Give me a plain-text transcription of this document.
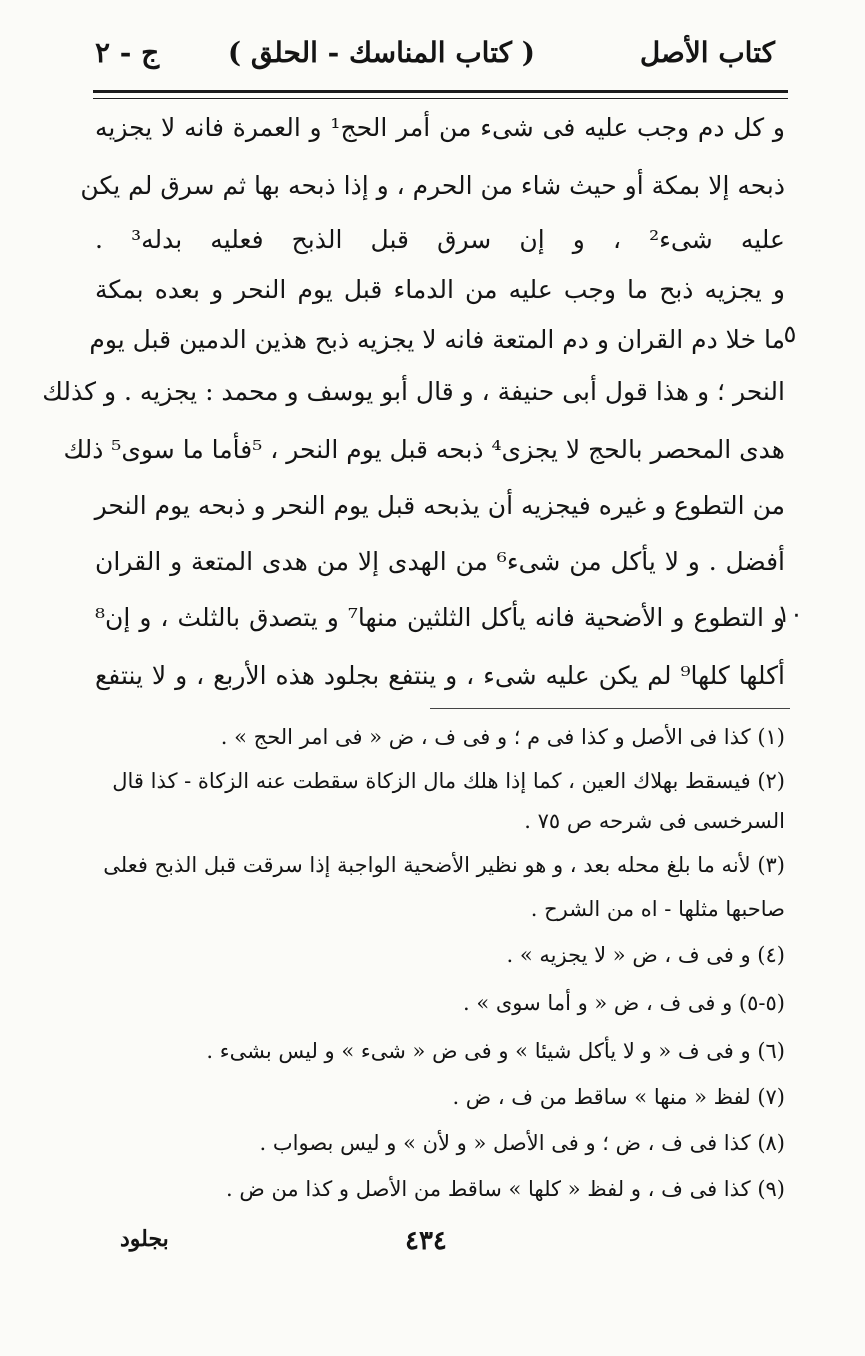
كتاب الأصل
( كتاب المناسك - الحلق )
ج - ٢
و كل دم وجب عليه فى شىء من أمر الحج¹ و العمرة فانه لا يجزيه
ذبحه إلا بمكة أو حيث شاء من الحرم ، و إذا ذبحه بها ثم سرق لم يكن
عليه شىء² ، و إن سرق قبل الذبح فعليه بدله³ .
و يجزيه ذبح ما وجب عليه من الدماء قبل يوم النحر و بعده بمكة
ما خلا دم القران و دم المتعة فانه لا يجزيه ذبح هذين الدمين قبل يوم
النحر ؛ و هذا قول أبى حنيفة ، و قال أبو يوسف و محمد : يجزيه . و كذلك
هدى المحصر بالحج لا يجزى⁴ ذبحه قبل يوم النحر ، ⁵فأما ما سوى⁵ ذلك
من التطوع و غيره فيجزيه أن يذبحه قبل يوم النحر و ذبحه يوم النحر
أفضل . و لا يأكل من شىء⁶ من الهدى إلا من هدى المتعة و القران
و التطوع و الأضحية فانه يأكل الثلثين منها⁷ و يتصدق بالثلث ، و إن⁸
أكلها كلها⁹ لم يكن عليه شىء ، و ينتفع بجلود هذه الأربع ، و لا ينتفع
٥
١٠
(١) كذا فى الأصل و كذا فى م ؛ و فى ف ، ض « فى امر الحج » .
(٢) فيسقط بهلاك العين ، كما إذا هلك مال الزكاة سقطت عنه الزكاة - كذا قال
السرخسى فى شرحه ص ٧٥ .
(٣) لأنه ما بلغ محله بعد ، و هو نظير الأضحية الواجبة إذا سرقت قبل الذبح فعلى
صاحبها مثلها - اه من الشرح .
(٤) و فى ف ، ض « لا يجزيه » .
(٥-٥) و فى ف ، ض « و أما سوى » .
(٦) و فى ف « و لا يأكل شيئا » و فى ض « شىء » و ليس بشىء .
(٧) لفظ « منها » ساقط من ف ، ض .
(٨) كذا فى ف ، ض ؛ و فى الأصل « و لأن » و ليس بصواب .
(٩) كذا فى ف ، و لفظ « كلها » ساقط من الأصل و كذا من ض .
٤٣٤
بجلود
